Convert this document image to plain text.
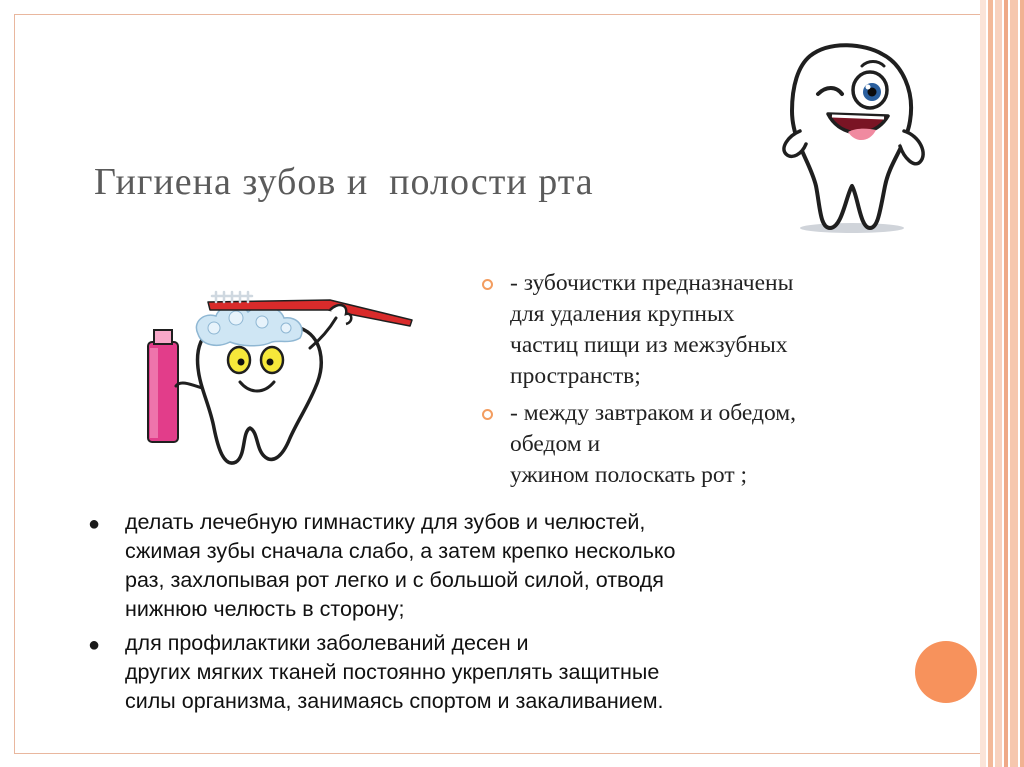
Гигиена зубов и  полости рта
- зубочистки предназначены
для удаления крупных
частиц пищи из межзубных
пространств;
- между завтраком и обедом,
обедом и
ужином полоскать рот ;
● делать лечебную гимнастику для зубов и челюстей,
сжимая зубы сначала слабо, а затем крепко несколько
раз, захлопывая рот легко и с большой силой, отводя
нижнюю челюсть в сторону;
● для профилактики заболеваний десен и
других мягких тканей постоянно укреплять защитные
силы организма, занимаясь спортом и закаливанием.
